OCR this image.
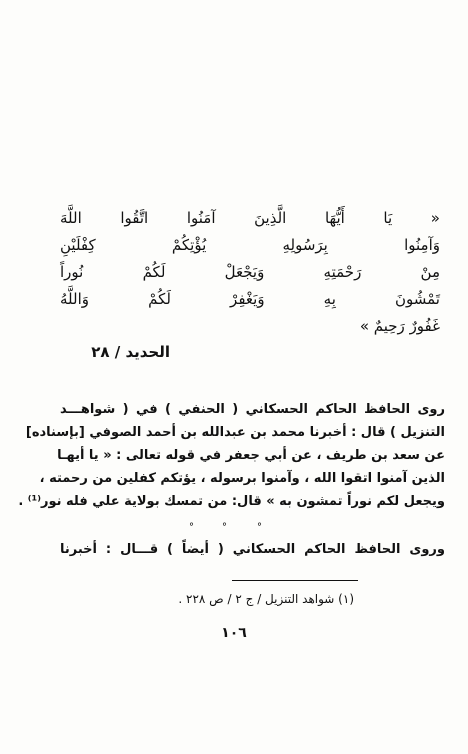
« يَا أَيُّهَا الَّذِينَ آمَنُوا اتَّقُوا اللَّهَ
وَآمِنُوا بِرَسُولِهِ يُؤْتِكُمْ كِفْلَيْنِ
مِنْ رَحْمَتِهِ وَيَجْعَلْ لَكُمْ نُوراً
تَمْشُونَ بِهِ وَيَغْفِرْ لَكُمْ وَاللَّهُ
غَفُورٌ رَحِيمٌ »
الحديد / ٢٨
روى الحافظ الحاكم الحسكاني ( الحنفي ) في ( شواهـــد
التنزيل ) قال : أخبرنا محمد بن عبدالله بن أحمد الصوفي [بإسناده]
عن سعد بن طريف ، عن أبي جعفر في قوله تعالى : « يا أيهـا
الذين آمنوا اتقوا الله ، وآمنوا برسوله ، يؤتكم كفلين من رحمته ،
ويجعل لكم نوراً تمشون به » قال: من تمسك بولاية علي فله نور⁽¹⁾ .
°	°	°
وروى الحافظ الحاكم الحسكاني ( أيضاً ) قـــال : أخبرنا
(١) شواهد التنزيل / ج ٢ / ص ٢٢٨ .
١٠٦
